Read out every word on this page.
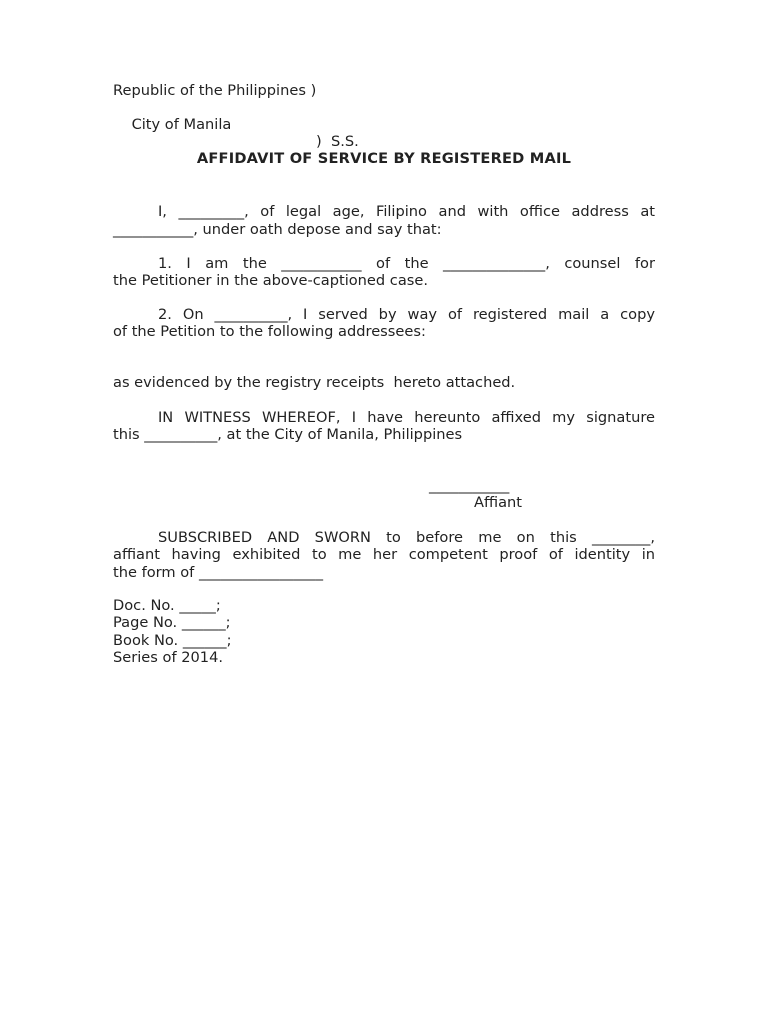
Republic of the Philippines )

City of Manila

)  S.S.

AFFIDAVIT OF SERVICE BY REGISTERED MAIL
I, _________, of legal age, Filipino and with office address at
___________, under oath depose and say that:
1. I am the ___________ of the ______________, counsel for
the Petitioner in the above-captioned case.
2. On __________, I served by way of registered mail a copy
of the Petition to the following addressees:
as evidenced by the registry receipts  hereto attached.
IN WITNESS WHEREOF, I have hereunto affixed my signature
this __________, at the City of Manila, Philippines
___________
Affiant
SUBSCRIBED AND SWORN to before me on this ________,
affiant having exhibited to me her competent proof of identity in
the form of _________________
Doc. No. _____;
Page No. ______;
Book No. ______;
Series of 2014.
